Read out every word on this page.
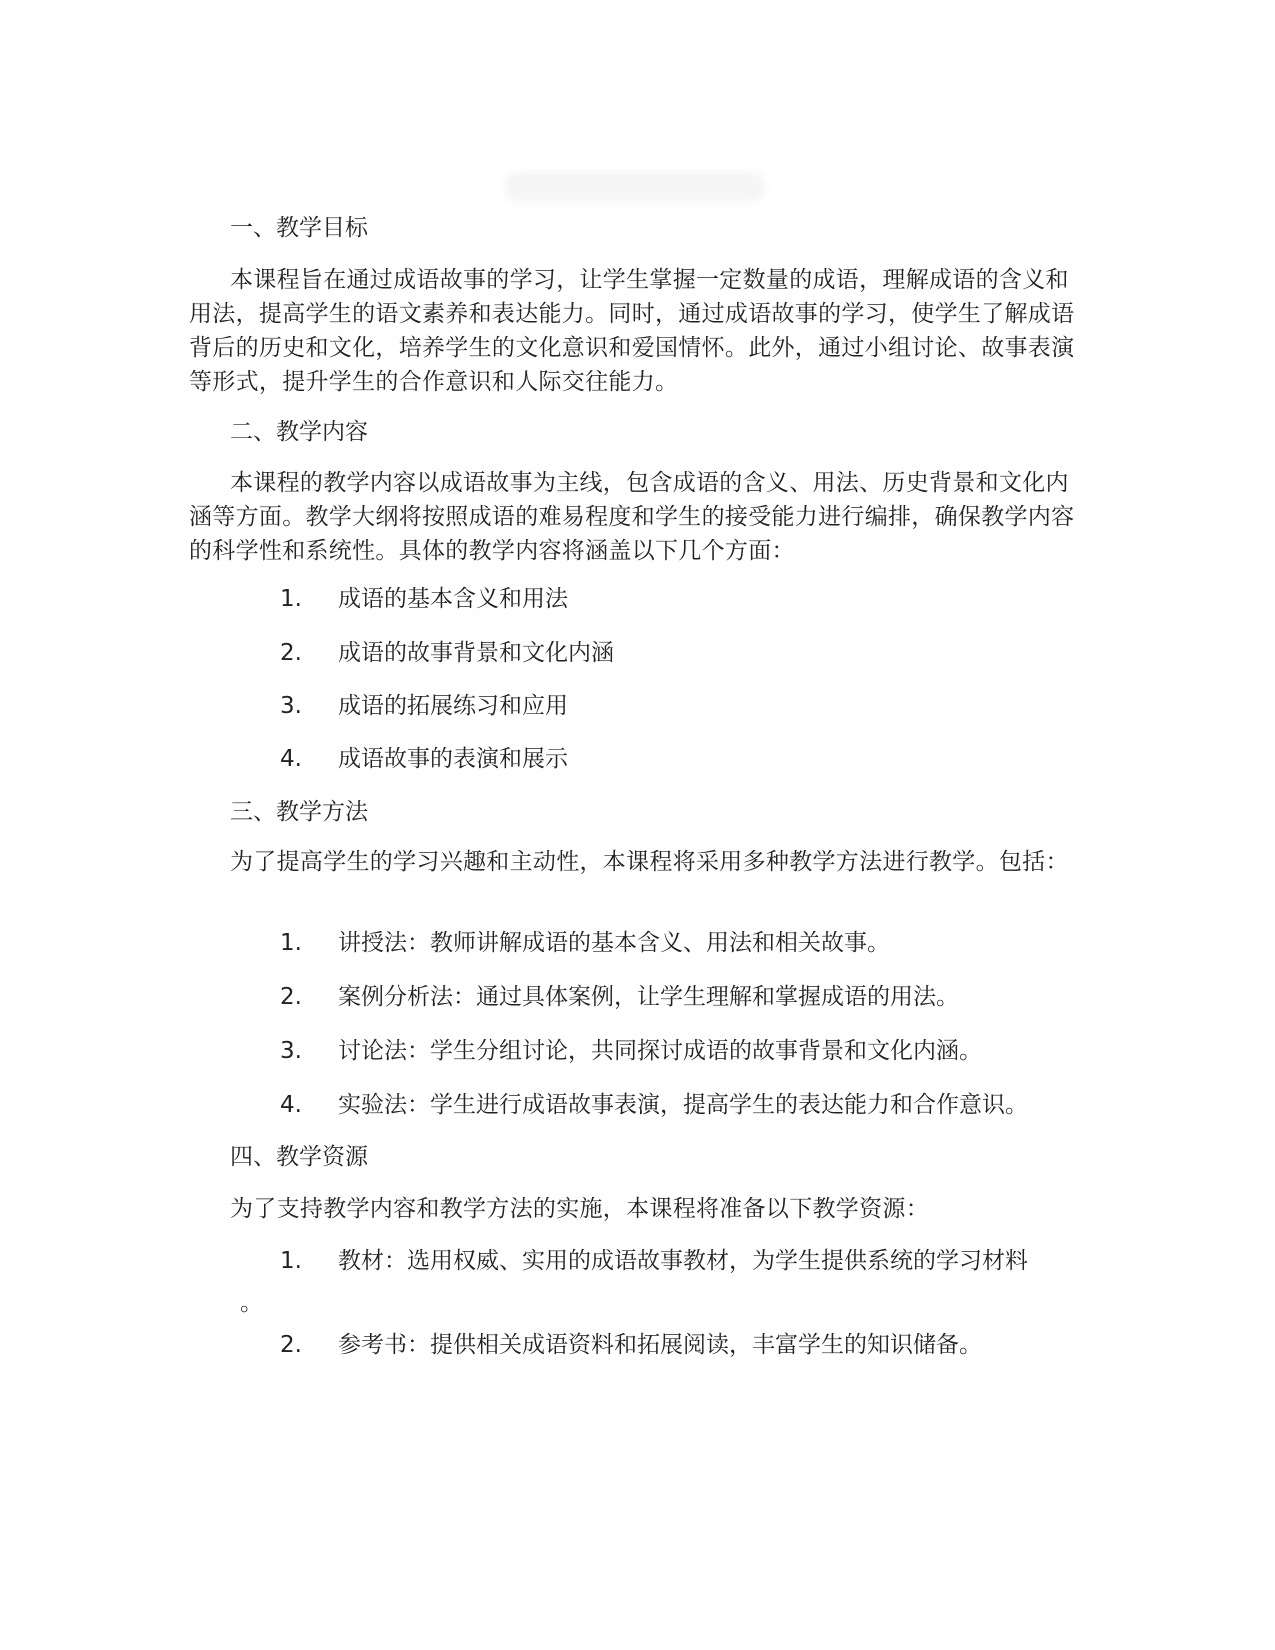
一、教学目标

本课程旨在通过成语故事的学习，让学生掌握一定数量的成语，理解成语的含义和用法，提高学生的语文素养和表达能力。同时，通过成语故事的学习，使学生了解成语背后的历史和文化，培养学生的文化意识和爱国情怀。此外，通过小组讨论、故事表演等形式，提升学生的合作意识和人际交往能力。

二、教学内容

本课程的教学内容以成语故事为主线，包含成语的含义、用法、历史背景和文化内涵等方面。教学大纲将按照成语的难易程度和学生的接受能力进行编排，确保教学内容的科学性和系统性。具体的教学内容将涵盖以下几个方面：

1. 成语的基本含义和用法
2. 成语的故事背景和文化内涵
3. 成语的拓展练习和应用
4. 成语故事的表演和展示
三、教学方法

为了提高学生的学习兴趣和主动性，本课程将采用多种教学方法进行教学。包括：

1. 讲授法：教师讲解成语的基本含义、用法和相关故事。
2. 案例分析法：通过具体案例，让学生理解和掌握成语的用法。
3. 讨论法：学生分组讨论，共同探讨成语的故事背景和文化内涵。
4. 实验法：学生进行成语故事表演，提高学生的表达能力和合作意识。
四、教学资源

为了支持教学内容和教学方法的实施，本课程将准备以下教学资源：

1. 教材：选用权威、实用的成语故事教材，为学生提供系统的学习材料
。
2. 参考书：提供相关成语资料和拓展阅读，丰富学生的知识储备。
